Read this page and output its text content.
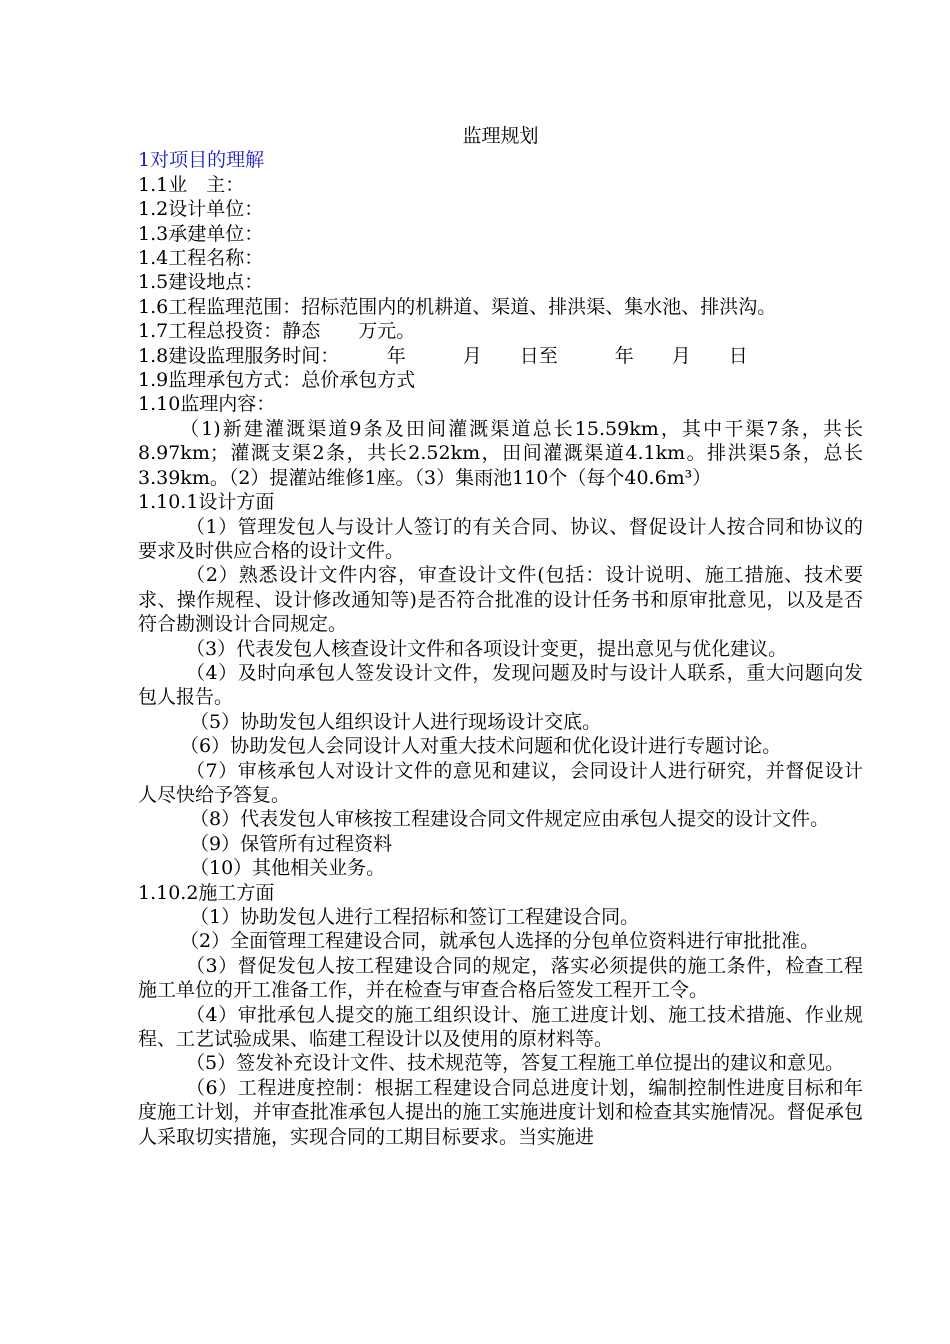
监理规划
1对项目的理解

1.1业　主：

1.2设计单位：

1.3承建单位：

1.4工程名称：

1.5建设地点：

1.6工程监理范围：招标范围内的机耕道、渠道、排洪渠、集水池、排洪沟。

1.7工程总投资：静态　　万元。

1.8建设监理服务时间：　　　年　　　月　　日至　　　年　　月　　日

1.9监理承包方式：总价承包方式

1.10监理内容：

（1)新建灌溉渠道9条及田间灌溉渠道总长15.59km，其中干渠7条，共长8.97km；灌溉支渠2条，共长2.52km，田间灌溉渠道4.1km。排洪渠5条，总长3.39km。（2）提灌站维修1座。（3）集雨池110个（每个40.6m³）

1.10.1设计方面

（1）管理发包人与设计人签订的有关合同、协议、督促设计人按合同和协议的要求及时供应合格的设计文件。

（2）熟悉设计文件内容，审查设计文件(包括：设计说明、施工措施、技术要求、操作规程、设计修改通知等)是否符合批准的设计任务书和原审批意见，以及是否符合勘测设计合同规定。

（3）代表发包人核查设计文件和各项设计变更，提出意见与优化建议。

（4）及时向承包人签发设计文件，发现问题及时与设计人联系，重大问题向发包人报告。

（5）协助发包人组织设计人进行现场设计交底。

（6）协助发包人会同设计人对重大技术问题和优化设计进行专题讨论。

（7）审核承包人对设计文件的意见和建议，会同设计人进行研究，并督促设计人尽快给予答复。

（8）代表发包人审核按工程建设合同文件规定应由承包人提交的设计文件。

（9）保管所有过程资料

（10）其他相关业务。

1.10.2施工方面

（1）协助发包人进行工程招标和签订工程建设合同。

（2）全面管理工程建设合同，就承包人选择的分包单位资料进行审批批准。

（3）督促发包人按工程建设合同的规定，落实必须提供的施工条件，检查工程施工单位的开工准备工作，并在检查与审查合格后签发工程开工令。

（4）审批承包人提交的施工组织设计、施工进度计划、施工技术措施、作业规程、工艺试验成果、临建工程设计以及使用的原材料等。

（5）签发补充设计文件、技术规范等，答复工程施工单位提出的建议和意见。

（6）工程进度控制：根据工程建设合同总进度计划，编制控制性进度目标和年度施工计划，并审查批准承包人提出的施工实施进度计划和检查其实施情况。督促承包人采取切实措施，实现合同的工期目标要求。当实施进
